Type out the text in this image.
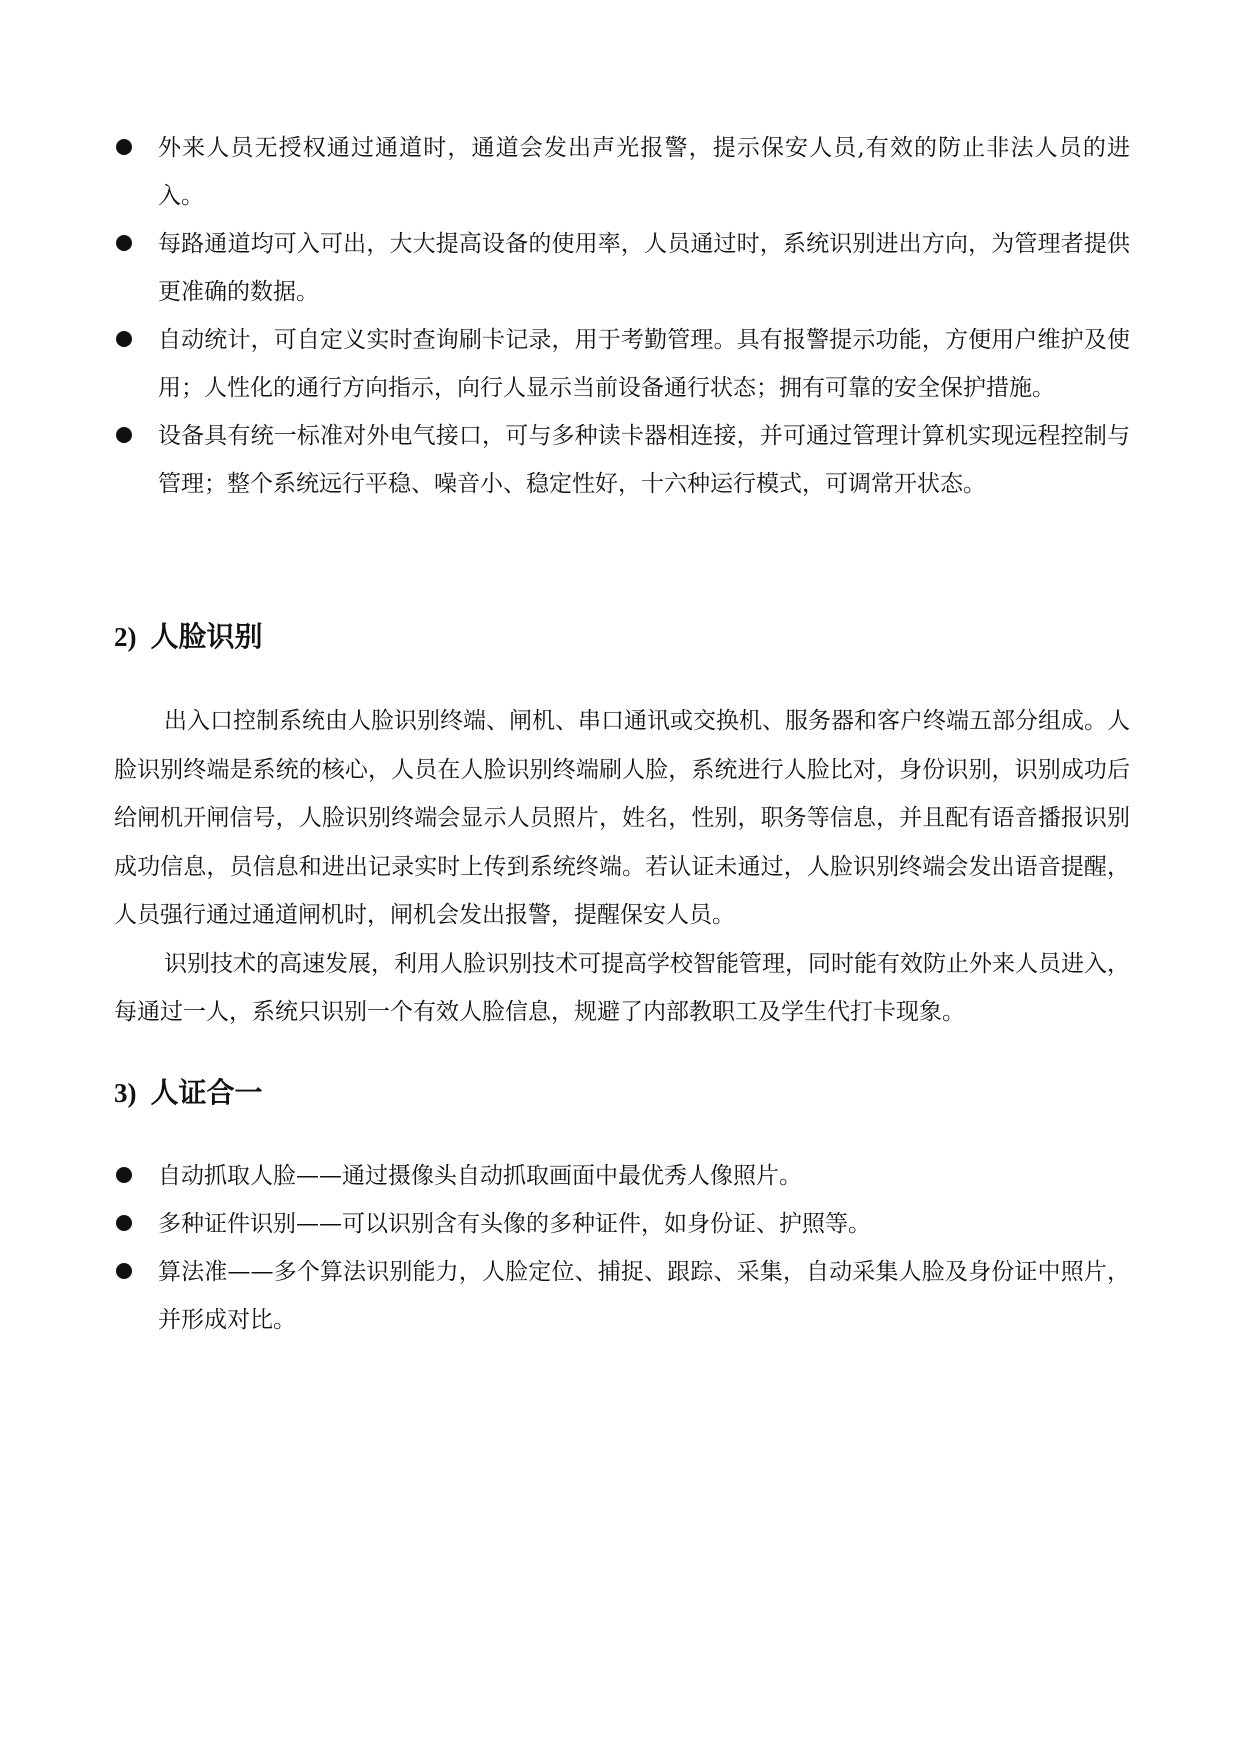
外来人员无授权通过通道时，通道会发出声光报警，提示保安人员,有效的防止非法人员的进入。
每路通道均可入可出，大大提高设备的使用率，人员通过时，系统识别进出方向，为管理者提供更准确的数据。
自动统计，可自定义实时查询刷卡记录，用于考勤管理。具有报警提示功能，方便用户维护及使用；人性化的通行方向指示，向行人显示当前设备通行状态；拥有可靠的安全保护措施。
设备具有统一标准对外电气接口，可与多种读卡器相连接，并可通过管理计算机实现远程控制与管理；整个系统远行平稳、噪音小、稳定性好，十六种运行模式，可调常开状态。
2) 人脸识别

出入口控制系统由人脸识别终端、闸机、串口通讯或交换机、服务器和客户终端五部分组成。人脸识别终端是系统的核心，人员在人脸识别终端刷人脸，系统进行人脸比对，身份识别，识别成功后给闸机开闸信号，人脸识别终端会显示人员照片，姓名，性别，职务等信息，并且配有语音播报识别成功信息，员信息和进出记录实时上传到系统终端。若认证未通过，人脸识别终端会发出语音提醒，人员强行通过通道闸机时，闸机会发出报警，提醒保安人员。

识别技术的高速发展，利用人脸识别技术可提高学校智能管理，同时能有效防止外来人员进入，每通过一人，系统只识别一个有效人脸信息，规避了内部教职工及学生代打卡现象。

3) 人证合一
自动抓取人脸——通过摄像头自动抓取画面中最优秀人像照片。
多种证件识别——可以识别含有头像的多种证件，如身份证、护照等。
算法准——多个算法识别能力，人脸定位、捕捉、跟踪、采集，自动采集人脸及身份证中照片，并形成对比。
